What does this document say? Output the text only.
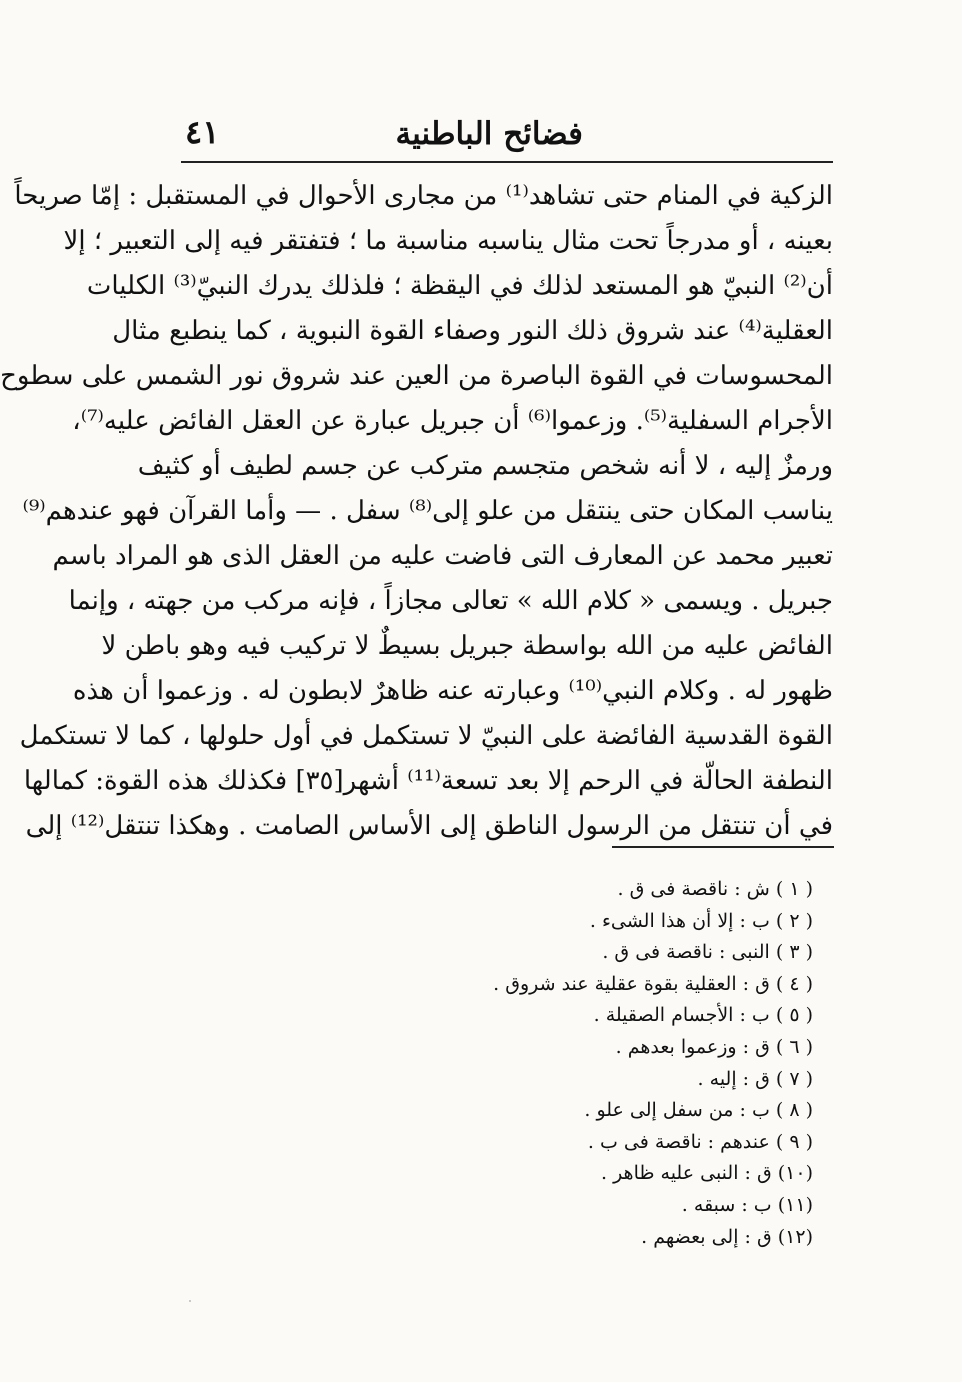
فضائح الباطنية
٤١
الزكية في المنام حتى تشاهد⁽¹⁾ من مجارى الأحوال في المستقبل : إمّا صريحاً
بعينه ، أو مدرجاً تحت مثال يناسبه مناسبة ما ؛ فتفتقر فيه إلى التعبير ؛ إلا
أن⁽²⁾ النبيّ هو المستعد لذلك في اليقظة ؛ فلذلك يدرك النبيّ⁽³⁾ الكليات
العقلية⁽⁴⁾ عند شروق ذلك النور وصفاء القوة النبوية ، كما ينطبع مثال
المحسوسات في القوة الباصرة من العين عند شروق نور الشمس على سطوح
الأجرام السفلية⁽⁵⁾. وزعموا⁽⁶⁾ أن جبريل عبارة عن العقل الفائض عليه⁽⁷⁾،
ورمزٌ إليه ، لا أنه شخص متجسم متركب عن جسم لطيف أو كثيف
يناسب المكان حتى ينتقل من علو إلى⁽⁸⁾ سفل . — وأما القرآن فهو عندهم⁽⁹⁾
تعبير محمد عن المعارف التى فاضت عليه من العقل الذى هو المراد باسم
جبريل . ويسمى « كلام الله » تعالى مجازاً ، فإنه مركب من جهته ، وإنما
الفائض عليه من الله بواسطة جبريل بسيطٌ لا تركيب فيه وهو باطن لا
ظهور له . وكلام النبي⁽¹⁰⁾ وعبارته عنه ظاهرٌ لابطون له . وزعموا أن هذه
القوة القدسية الفائضة على النبيّ لا تستكمل في أول حلولها ، كما لا تستكمل
النطفة الحالّة في الرحم إلا بعد تسعة⁽¹¹⁾ أشهر[٣٥] فكذلك هذه القوة: كمالها
في أن تنتقل من الرسول الناطق إلى الأساس الصامت . وهكذا تنتقل⁽¹²⁾ إلى
( ١ ) ش : ناقصة فى ق .
( ٢ ) ب : إلا أن هذا الشىء .
( ٣ ) النبى : ناقصة فى ق .
( ٤ ) ق : العقلية بقوة عقلية عند شروق .
( ٥ ) ب : الأجسام الصقيلة .
( ٦ ) ق : وزعموا بعدهم .
( ٧ ) ق : إليه .
( ٨ ) ب : من سفل إلى علو .
( ٩ ) عندهم : ناقصة فى ب .
(١٠) ق : النبى عليه ظاهر .
(١١) ب : سبقه .
(١٢) ق : إلى بعضهم .
